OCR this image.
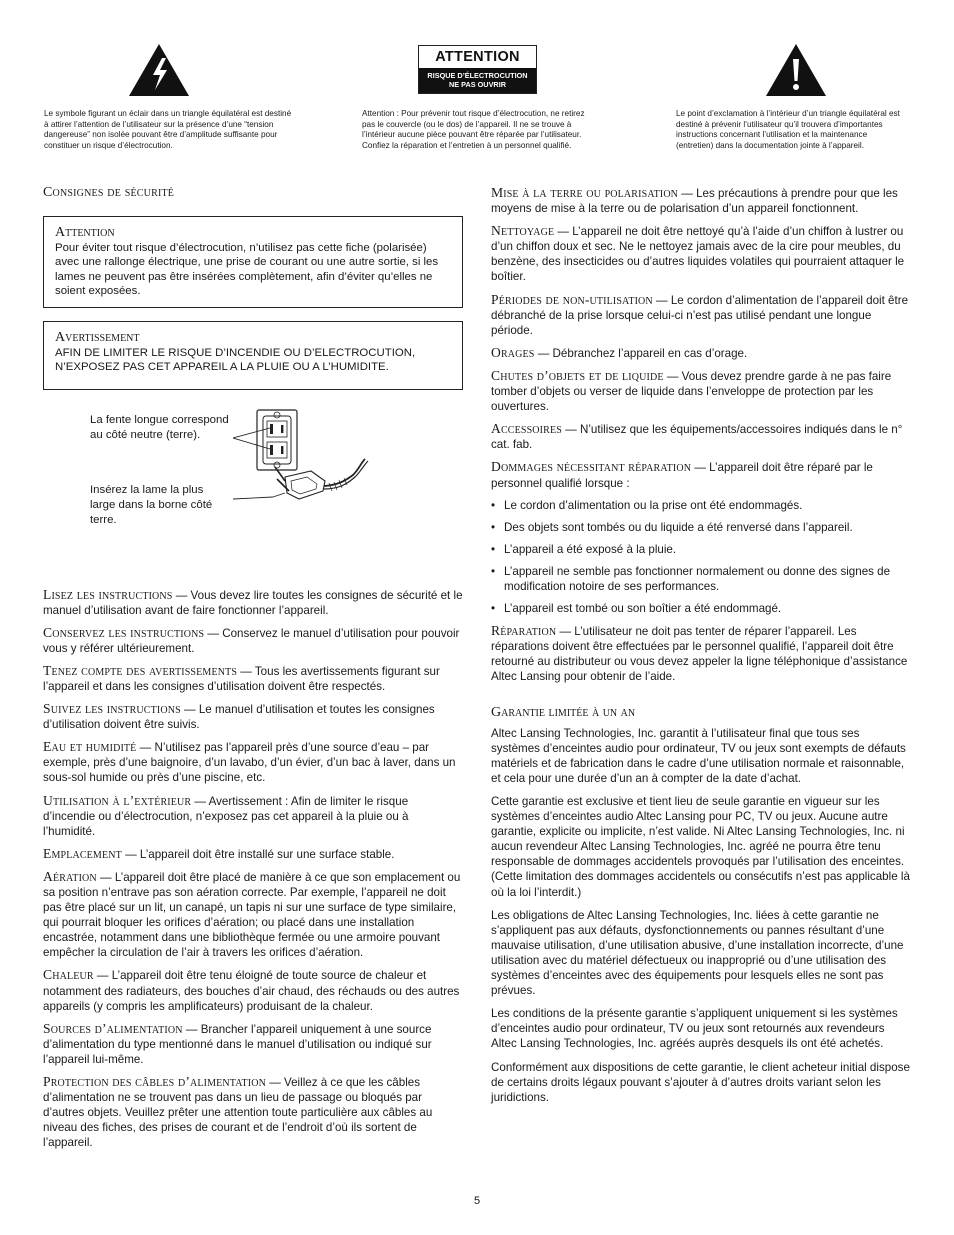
Le symbole figurant un éclair dans un triangle équilatéral est destiné à attirer l’attention de l’utilisateur sur la présence d’une “tension dangereuse” non isolée pouvant être d’amplitude suffisante pour constituer un risque d’électrocution.

ATTENTION
RISQUE D’ÉLECTROCUTION
NE PAS OUVRIR

Attention : Pour prévenir tout risque d’électrocution, ne retirez pas le couvercle (ou le dos) de l’appareil. Il ne se trouve à l’intérieur aucune pièce pouvant être réparée par l’utilisateur. Confiez la réparation et l’entretien à un personnel qualifié.

Le point d’exclamation à l’intérieur d’un triangle équilatéral est destiné à prévenir l’utilisateur qu’il trouvera d’importantes instructions concernant l’utilisation et la maintenance (entretien) dans la documentation jointe à l’appareil.

Consignes de sécurité
Attention

Pour éviter tout risque d’électrocution, n’utilisez pas cette fiche (polarisée) avec une rallonge électrique, une prise de courant ou une autre sortie, si les lames ne peuvent pas être insérées complètement, afin d’éviter qu’elles ne soient exposées.

Avertissement

AFIN DE LIMITER LE RISQUE D’INCENDIE OU D’ELECTROCUTION, N’EXPOSEZ PAS CET APPAREIL A LA PLUIE OU A L’HUMIDITE.

La fente longue correspond au côté neutre (terre).
Insérez la lame la plus large dans la borne côté terre.

Lisez les instructions — Vous devez lire toutes les consignes de sécurité et le manuel d’utilisation avant de faire fonctionner l’appareil.

Conservez les instructions — Conservez le manuel d’utilisation pour pouvoir vous y référer ultérieurement.

Tenez compte des avertissements — Tous les avertissements figurant sur l’appareil et dans les consignes d’utilisation doivent être respectés.

Suivez les instructions — Le manuel d’utilisation et toutes les consignes d’utilisation doivent être suivis.

Eau et humidité — N’utilisez pas l’appareil près d’une source d’eau – par exemple, près d’une baignoire, d’un lavabo, d’un évier, d’un bac à laver, dans un sous-sol humide ou près d’une piscine, etc.

Utilisation à l’extérieur — Avertissement : Afin de limiter le risque d’incendie ou d’électrocution, n’exposez pas cet appareil à la pluie ou à l’humidité.

Emplacement — L’appareil doit être installé sur une surface stable.

Aération — L’appareil doit être placé de manière à ce que son emplacement ou sa position n’entrave pas son aération correcte. Par exemple, l’appareil ne doit pas être placé sur un lit, un canapé, un tapis ni sur une surface de type similaire, qui pourrait bloquer les orifices d’aération; ou placé dans une installation encastrée, notamment dans une bibliothèque fermée ou une armoire pouvant empêcher la circulation de l’air à travers les orifices d’aération.

Chaleur — L’appareil doit être tenu éloigné de toute source de chaleur et notamment des radiateurs, des bouches d’air chaud, des réchauds ou des autres appareils (y compris les amplificateurs) produisant de la chaleur.

Sources d’alimentation — Brancher l’appareil uniquement à une source d’alimentation du type mentionné dans le manuel d’utilisation ou indiqué sur l’appareil lui-même.

Protection des câbles d’alimentation — Veillez à ce que les câbles d’alimentation ne se trouvent pas dans un lieu de passage ou bloqués par d’autres objets. Veuillez prêter une attention toute particulière aux câbles au niveau des fiches, des prises de courant et de l’endroit d’où ils sortent de l’appareil.

Mise à la terre ou polarisation — Les précautions à prendre pour que les moyens de mise à la terre ou de polarisation d’un appareil fonctionnent.

Nettoyage — L’appareil ne doit être nettoyé qu’à l’aide d’un chiffon à lustrer ou d’un chiffon doux et sec. Ne le nettoyez jamais avec de la cire pour meubles, du benzène, des insecticides ou d’autres liquides volatiles qui pourraient attaquer le boîtier.

Périodes de non-utilisation — Le cordon d’alimentation de l’appareil doit être débranché de la prise lorsque celui-ci n’est pas utilisé pendant une longue période.

Orages — Débranchez l’appareil en cas d’orage.

Chutes d’objets et de liquide — Vous devez prendre garde à ne pas faire tomber d’objets ou verser de liquide dans l’enveloppe de protection par les ouvertures.

Accessoires — N’utilisez que les équipements/accessoires indiqués dans le n° cat. fab.

Dommages nécessitant réparation — L’appareil doit être réparé par le personnel qualifié lorsque :

• Le cordon d’alimentation ou la prise ont été endommagés.
• Des objets sont tombés ou du liquide a été renversé dans l’appareil.
• L’appareil a été exposé à la pluie.
• L’appareil ne semble pas fonctionner normalement ou donne des signes de modification notoire de ses performances.
• L’appareil est tombé ou son boîtier a été endommagé.

Réparation — L’utilisateur ne doit pas tenter de réparer l’appareil. Les réparations doivent être effectuées par le personnel qualifié, l’appareil doit être retourné au distributeur ou vous devez appeler la ligne téléphonique d’assistance Altec Lansing pour obtenir de l’aide.

Garantie limitée à un an

Altec Lansing Technologies, Inc. garantit à l’utilisateur final que tous ses systèmes d’enceintes audio pour ordinateur, TV ou jeux sont exempts de défauts matériels et de fabrication dans le cadre d’une utilisation normale et raisonnable, et cela pour une durée d’un an à compter de la date d’achat.

Cette garantie est exclusive et tient lieu de seule garantie en vigueur sur les systèmes d’enceintes audio Altec Lansing pour PC, TV ou jeux. Aucune autre garantie, explicite ou implicite, n’est valide. Ni Altec Lansing Technologies, Inc. ni aucun revendeur Altec Lansing Technologies, Inc. agréé ne pourra être tenu responsable de dommages accidentels provoqués par l’utilisation des enceintes. (Cette limitation des dommages accidentels ou consécutifs n’est pas applicable là où la loi l’interdit.)

Les obligations de Altec Lansing Technologies, Inc. liées à cette garantie ne s’appliquent pas aux défauts, dysfonctionnements ou pannes résultant d’une mauvaise utilisation, d’une utilisation abusive, d’une installation incorrecte, d’une utilisation avec du matériel défectueux ou inapproprié ou d’une utilisation des systèmes d’enceintes avec des équipements pour lesquels elles ne sont pas prévues.

Les conditions de la présente garantie s’appliquent uniquement si les systèmes d’enceintes audio pour ordinateur, TV ou jeux sont retournés aux revendeurs Altec Lansing Technologies, Inc. agréés auprès desquels ils ont été achetés.

Conformément aux dispositions de cette garantie, le client acheteur initial dispose de certains droits légaux pouvant s’ajouter à d’autres droits variant selon les juridictions.

5
